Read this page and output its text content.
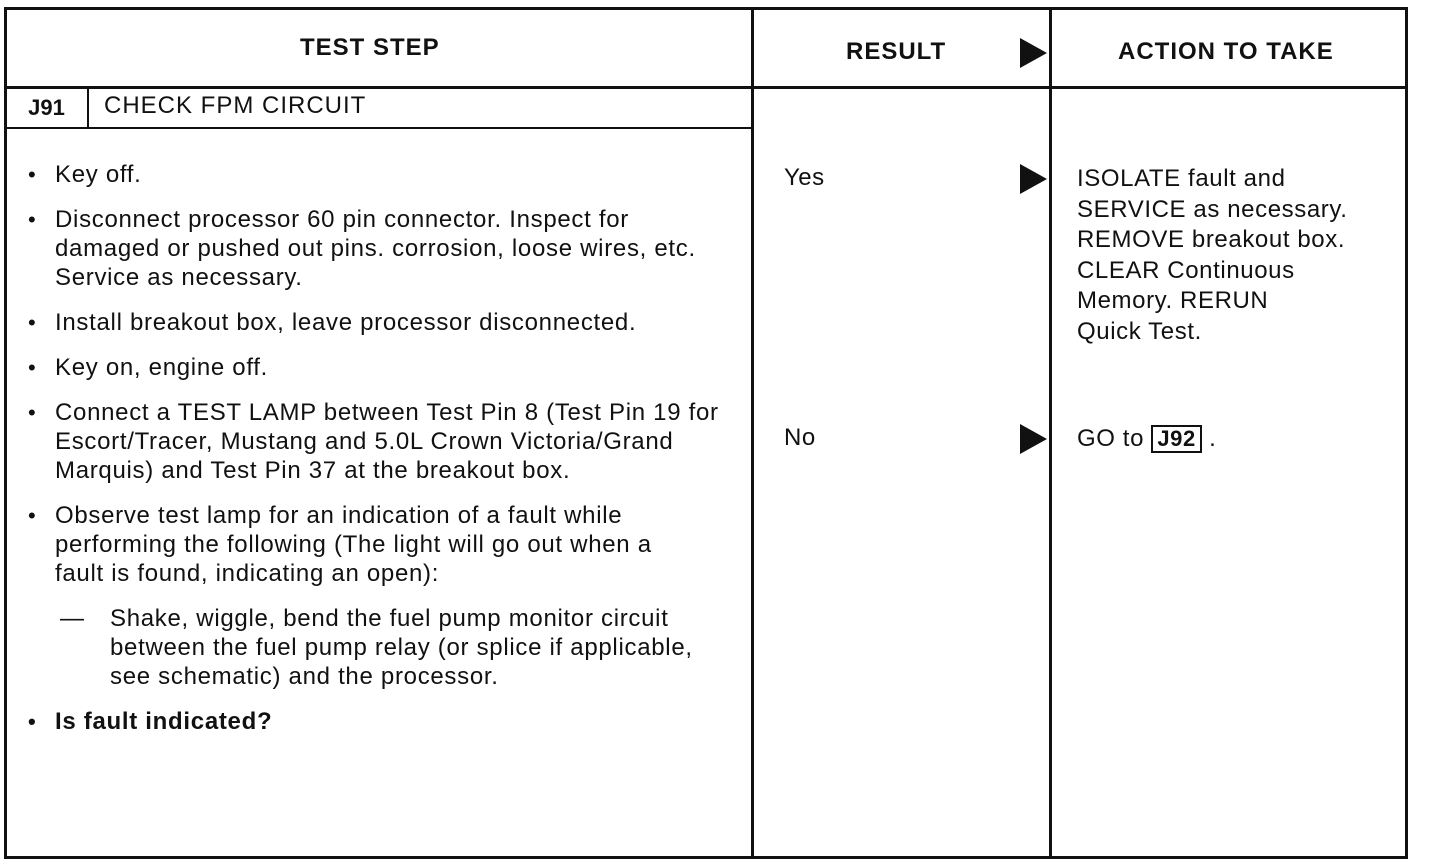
TEST STEP	RESULT	ACTION TO TAKE
J91	CHECK FPM CIRCUIT
• Key off.
• Disconnect processor 60 pin connector. Inspect for damaged or pushed out pins. corrosion, loose wires, etc. Service as necessary.
• Install breakout box, leave processor disconnected.
• Key on, engine off.
• Connect a TEST LAMP between Test Pin 8 (Test Pin 19 for Escort/Tracer, Mustang and 5.0L Crown Victoria/Grand Marquis) and Test Pin 37 at the breakout box.
• Observe test lamp for an indication of a fault while performing the following (The light will go out when a fault is found, indicating an open):
— Shake, wiggle, bend the fuel pump monitor circuit between the fuel pump relay (or splice if applicable, see schematic) and the processor.
• Is fault indicated?
Yes	ISOLATE fault and
SERVICE as necessary.
REMOVE breakout box.
CLEAR Continuous
Memory. RERUN
Quick Test.
No	GO to J92 .
